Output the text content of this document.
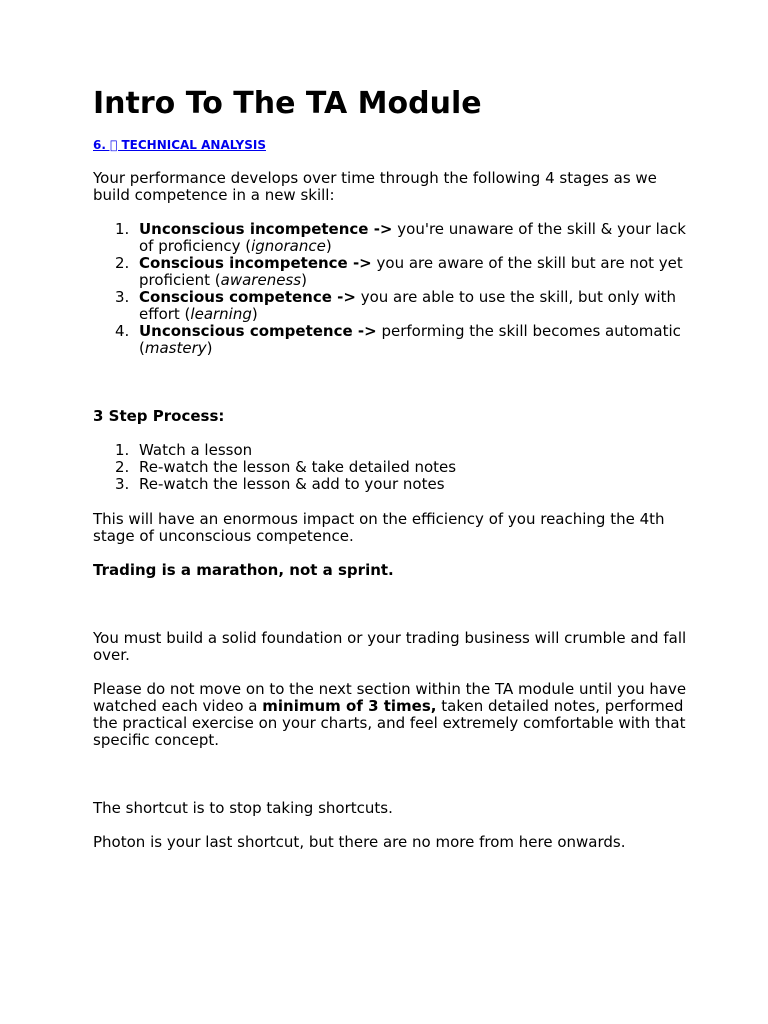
Intro To The TA Module
6. TECHNICAL ANALYSIS

Your performance develops over time through the following 4 stages as we build competence in a new skill:

1. Unconscious incompetence -> you're unaware of the skill & your lack of proficiency (ignorance)
2. Conscious incompetence -> you are aware of the skill but are not yet proficient (awareness)
3. Conscious competence -> you are able to use the skill, but only with effort (learning)
4. Unconscious competence -> performing the skill becomes automatic (mastery)

3 Step Process:

1. Watch a lesson
2. Re-watch the lesson & take detailed notes
3. Re-watch the lesson & add to your notes

This will have an enormous impact on the efficiency of you reaching the 4th stage of unconscious competence.

Trading is a marathon, not a sprint.

You must build a solid foundation or your trading business will crumble and fall over.

Please do not move on to the next section within the TA module until you have watched each video a minimum of 3 times, taken detailed notes, performed the practical exercise on your charts, and feel extremely comfortable with that specific concept.

The shortcut is to stop taking shortcuts.

Photon is your last shortcut, but there are no more from here onwards.
